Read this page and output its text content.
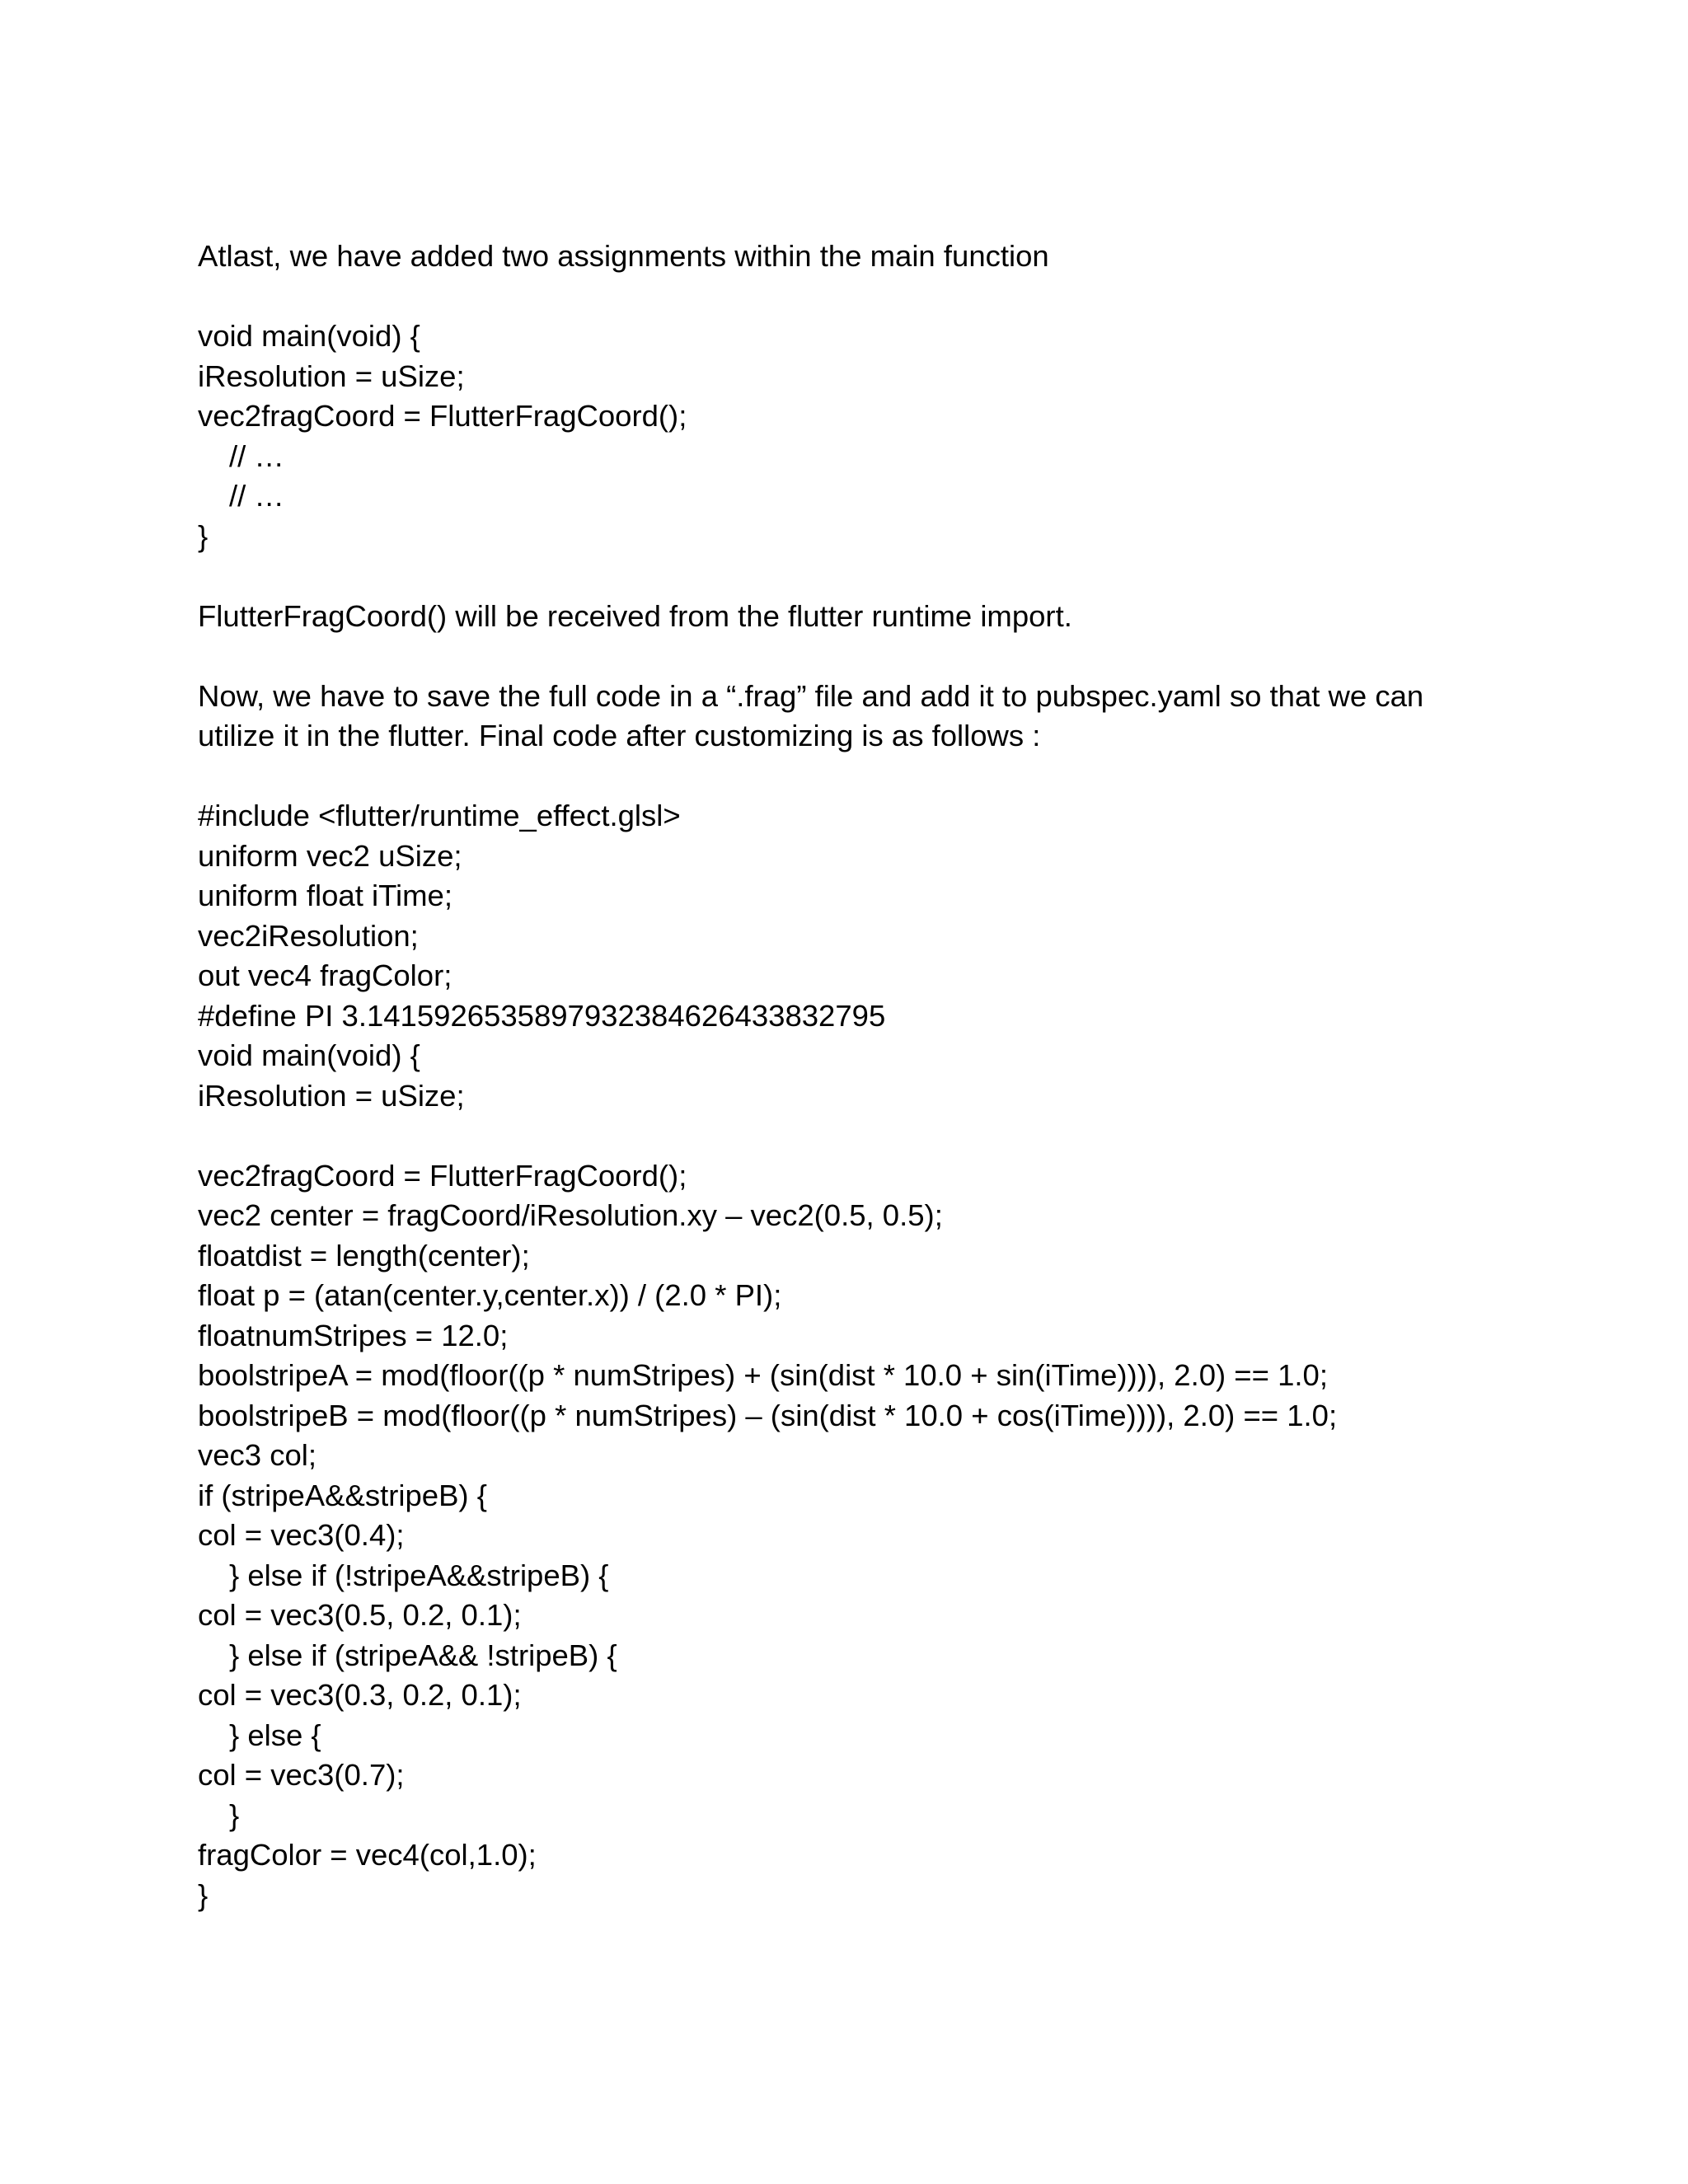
Atlast, we have added two assignments within the main function

void main(void) {

iResolution = uSize;

vec2fragCoord = FlutterFragCoord();

// …

// …

}

FlutterFragCoord() will be received from the flutter runtime import.

Now, we have to save the full code in a “.frag” file and add it to pubspec.yaml so that we can

utilize it in the flutter. Final code after customizing is as follows :

#include <flutter/runtime_effect.glsl>

uniform vec2 uSize;

uniform float iTime;

vec2iResolution;

out vec4 fragColor;

#define PI 3.1415926535897932384626433832795

void main(void) {

iResolution = uSize;

vec2fragCoord = FlutterFragCoord();

vec2 center = fragCoord/iResolution.xy – vec2(0.5, 0.5);

floatdist = length(center);

float p = (atan(center.y,center.x)) / (2.0 * PI);

floatnumStripes = 12.0;

boolstripeA = mod(floor((p * numStripes) + (sin(dist * 10.0 + sin(iTime)))), 2.0) == 1.0;

boolstripeB = mod(floor((p * numStripes) – (sin(dist * 10.0 + cos(iTime)))), 2.0) == 1.0;

vec3 col;

if (stripeA&&stripeB) {

col = vec3(0.4);

} else if (!stripeA&&stripeB) {

col = vec3(0.5, 0.2, 0.1);

} else if (stripeA&& !stripeB) {

col = vec3(0.3, 0.2, 0.1);

} else {

col = vec3(0.7);

}

fragColor = vec4(col,1.0);

}
